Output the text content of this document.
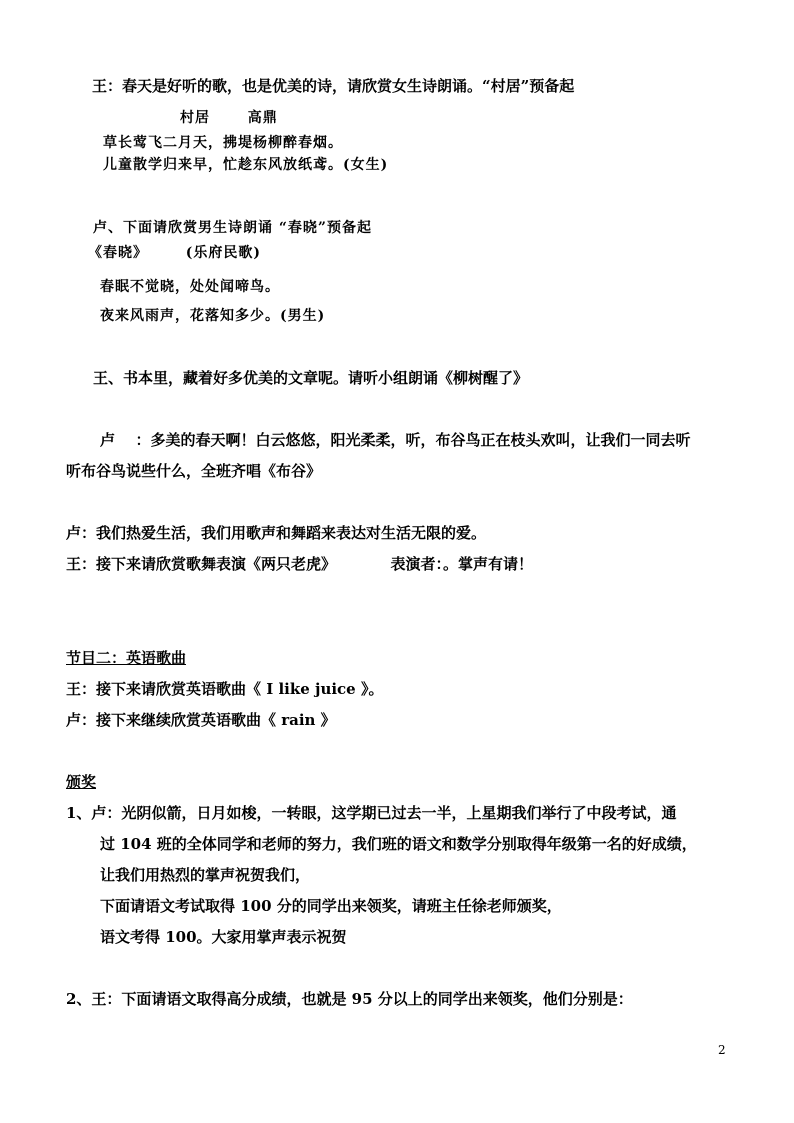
王：春天是好听的歌，也是优美的诗，请欣赏女生诗朗诵。“村居”预备起
村居	高鼎
草长莺飞二月天，拂堤杨柳醉春烟。
儿童散学归来早，忙趁东风放纸鸢。(女生)
卢、下面请欣赏男生诗朗诵 “春晓”预备起
《春晓》	(乐府民歌)
春眠不觉晓，处处闻啼鸟。
夜来风雨声，花落知多少。(男生)
王、书本里，藏着好多优美的文章呢。请听小组朗诵《柳树醒了》
卢 ：多美的春天啊！白云悠悠，阳光柔柔，听，布谷鸟正在枝头欢叫，让我们一同去听
听布谷鸟说些什么，全班齐唱《布谷》
卢：我们热爱生活，我们用歌声和舞蹈来表达对生活无限的爱。
王：接下来请欣赏歌舞表演《两只老虎》	表演者：。掌声有请！
节目二：英语歌曲
王：接下来请欣赏英语歌曲《 I like juice 》。
卢：接下来继续欣赏英语歌曲《 rain 》
颁奖
1、卢：光阴似箭，日月如梭，一转眼，这学期已过去一半，上星期我们举行了中段考试，通
过 104 班的全体同学和老师的努力，我们班的语文和数学分别取得年级第一名的好成绩，
让我们用热烈的掌声祝贺我们，
下面请语文考试取得 100 分的同学出来领奖，请班主任徐老师颁奖，
语文考得 100。大家用掌声表示祝贺
2、王：下面请语文取得高分成绩，也就是 95 分以上的同学出来领奖，他们分别是：
2
